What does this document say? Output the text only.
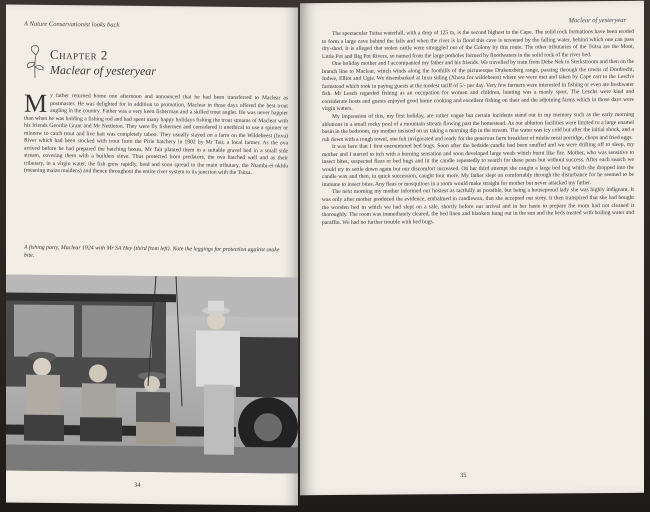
A Nature Conservationist looks back
Chapter 2
Maclear of yesteryear

My father returned home one afternoon and announced that he had been transferred to Maclear as postmaster. He was delighted for in addition to promotion, Maclear in those days offered the best trout angling in the country. Father was a very keen fisherman and a skilled trout angler. He was never happier than when he was holding a fishing rod and had spent many happy holidays fishing the trout streams of Maclear with his friends Geordie Grant and Mr Nettleton. They were fly fishermen and considered it unethical to use a spinner or minnow to catch trout and live bait was completely taboo. They usually stayed on a farm on the Wildebeest (Inxu) River which had been stocked with trout from the Pirie hatchery in 1902 by Mr Tait, a local farmer. As the ova arrived before he had prepared the hatching boxes, Mr Tait planted them in a suitable gravel bed in a small side stream, covering them with a builders sieve. Thus protected from predators, the ova hatched well and as their tributary, in a virgin water, the fish grew rapidly, bred and soon spread to the main tributary, the Ntambi-ei-nkhlu (meaning maize maidens) and thence throughout the entire river system to its junction with the Tsitsa.

A fishing party, Maclear 1924 with Mr SA Hey (third from left). Note the leggings for protection against snake bite.
34
Maclear of yesteryear

The spectacular Tsitsa waterfall, with a drop of 125 m, is the second highest in the Cape. The solid rock formations have been eroded to form a large cave behind the falls and when the river is in flood this cave is screened by the falling water, behind which one can pass dry-shod. It is alleged that stolen cattle were smuggled out of the Colony by this route. The other tributaries of the Tsitsa are the Mooi, Little Pot and Big Pot Rivers, so named from the large potholes formed by floodwaters in the solid rock of the river bed.

One holiday mother and I accompanied my father and his friends. We travelled by train from Debe Nek to Sterkstroom and then on the branch line to Maclear, which winds along the foothills of the picturesque Drakensberg range, passing through the towns of Dordrecht, Indwe, Elliot and Ugie. We disembarked at Inxu siding (Xhosa for wildebeest) where we were met and taken by Cape cart to the Lesch's farmstead which took in paying guests at the modest tariff of 5/- per day. Very few farmers were interested in fishing or even ate freshwater fish. Mr Lesch regarded fishing as an occupation for women and children, hunting was a manly sport. The Leschs were kind and considerate hosts and guests enjoyed good home cooking and excellent fishing on their and the adjoining farms which in those days were virgin waters.

My impression of this, my first holiday, are rather vague but certain incidents stand out in my memory such as the early morning ablutions in a small rocky pool of a mountain stream flowing past the homestead. As our ablution facilities were limited to a large enamel basin in the bedroom, my mother insisted on us taking a morning dip in the stream. The water was icy cold but after the initial shock, and a rub down with a rough towel, one felt invigorated and ready for the generous farm breakfast of mielie meal porridge, chops and fried eggs.

It was here that I first encountered bed bugs. Soon after the bedside candle had been snuffed and we were drifting off to sleep, my mother and I started to itch with a burning sensation and soon developed large weals which burnt like fire. Mother, who was sensitive to insect bites, suspected fleas or bed bugs and lit the candle repeatedly to search for these pests but without success. After each search we would try to settle down again but our discomfort increased. On her third attempt she caught a large bed bug which she dropped into the candle wax and then, in quick succession, caught four more. My father slept on comfortably through the disturbance for he seemed to be immune to insect bites. Any fleas or mosquitoes in a room would make straight for mother but never attacked my father.

The next morning my mother informed our hostess as tactfully as possible, but being a houseproud lady she was highly indignant. It was only after mother produced the evidence, embalmed in candlewax, that she accepted our story. It then transpired that she had bought the wooden bed in which we had slept on a sale, shortly before our arrival and in her haste to prepare the room had not cleaned it thoroughly. The room was immediately cleared, the bed linen and blankets hung out in the sun and the beds treated with boiling water and paraffin. We had no further trouble with bed bugs.

35
